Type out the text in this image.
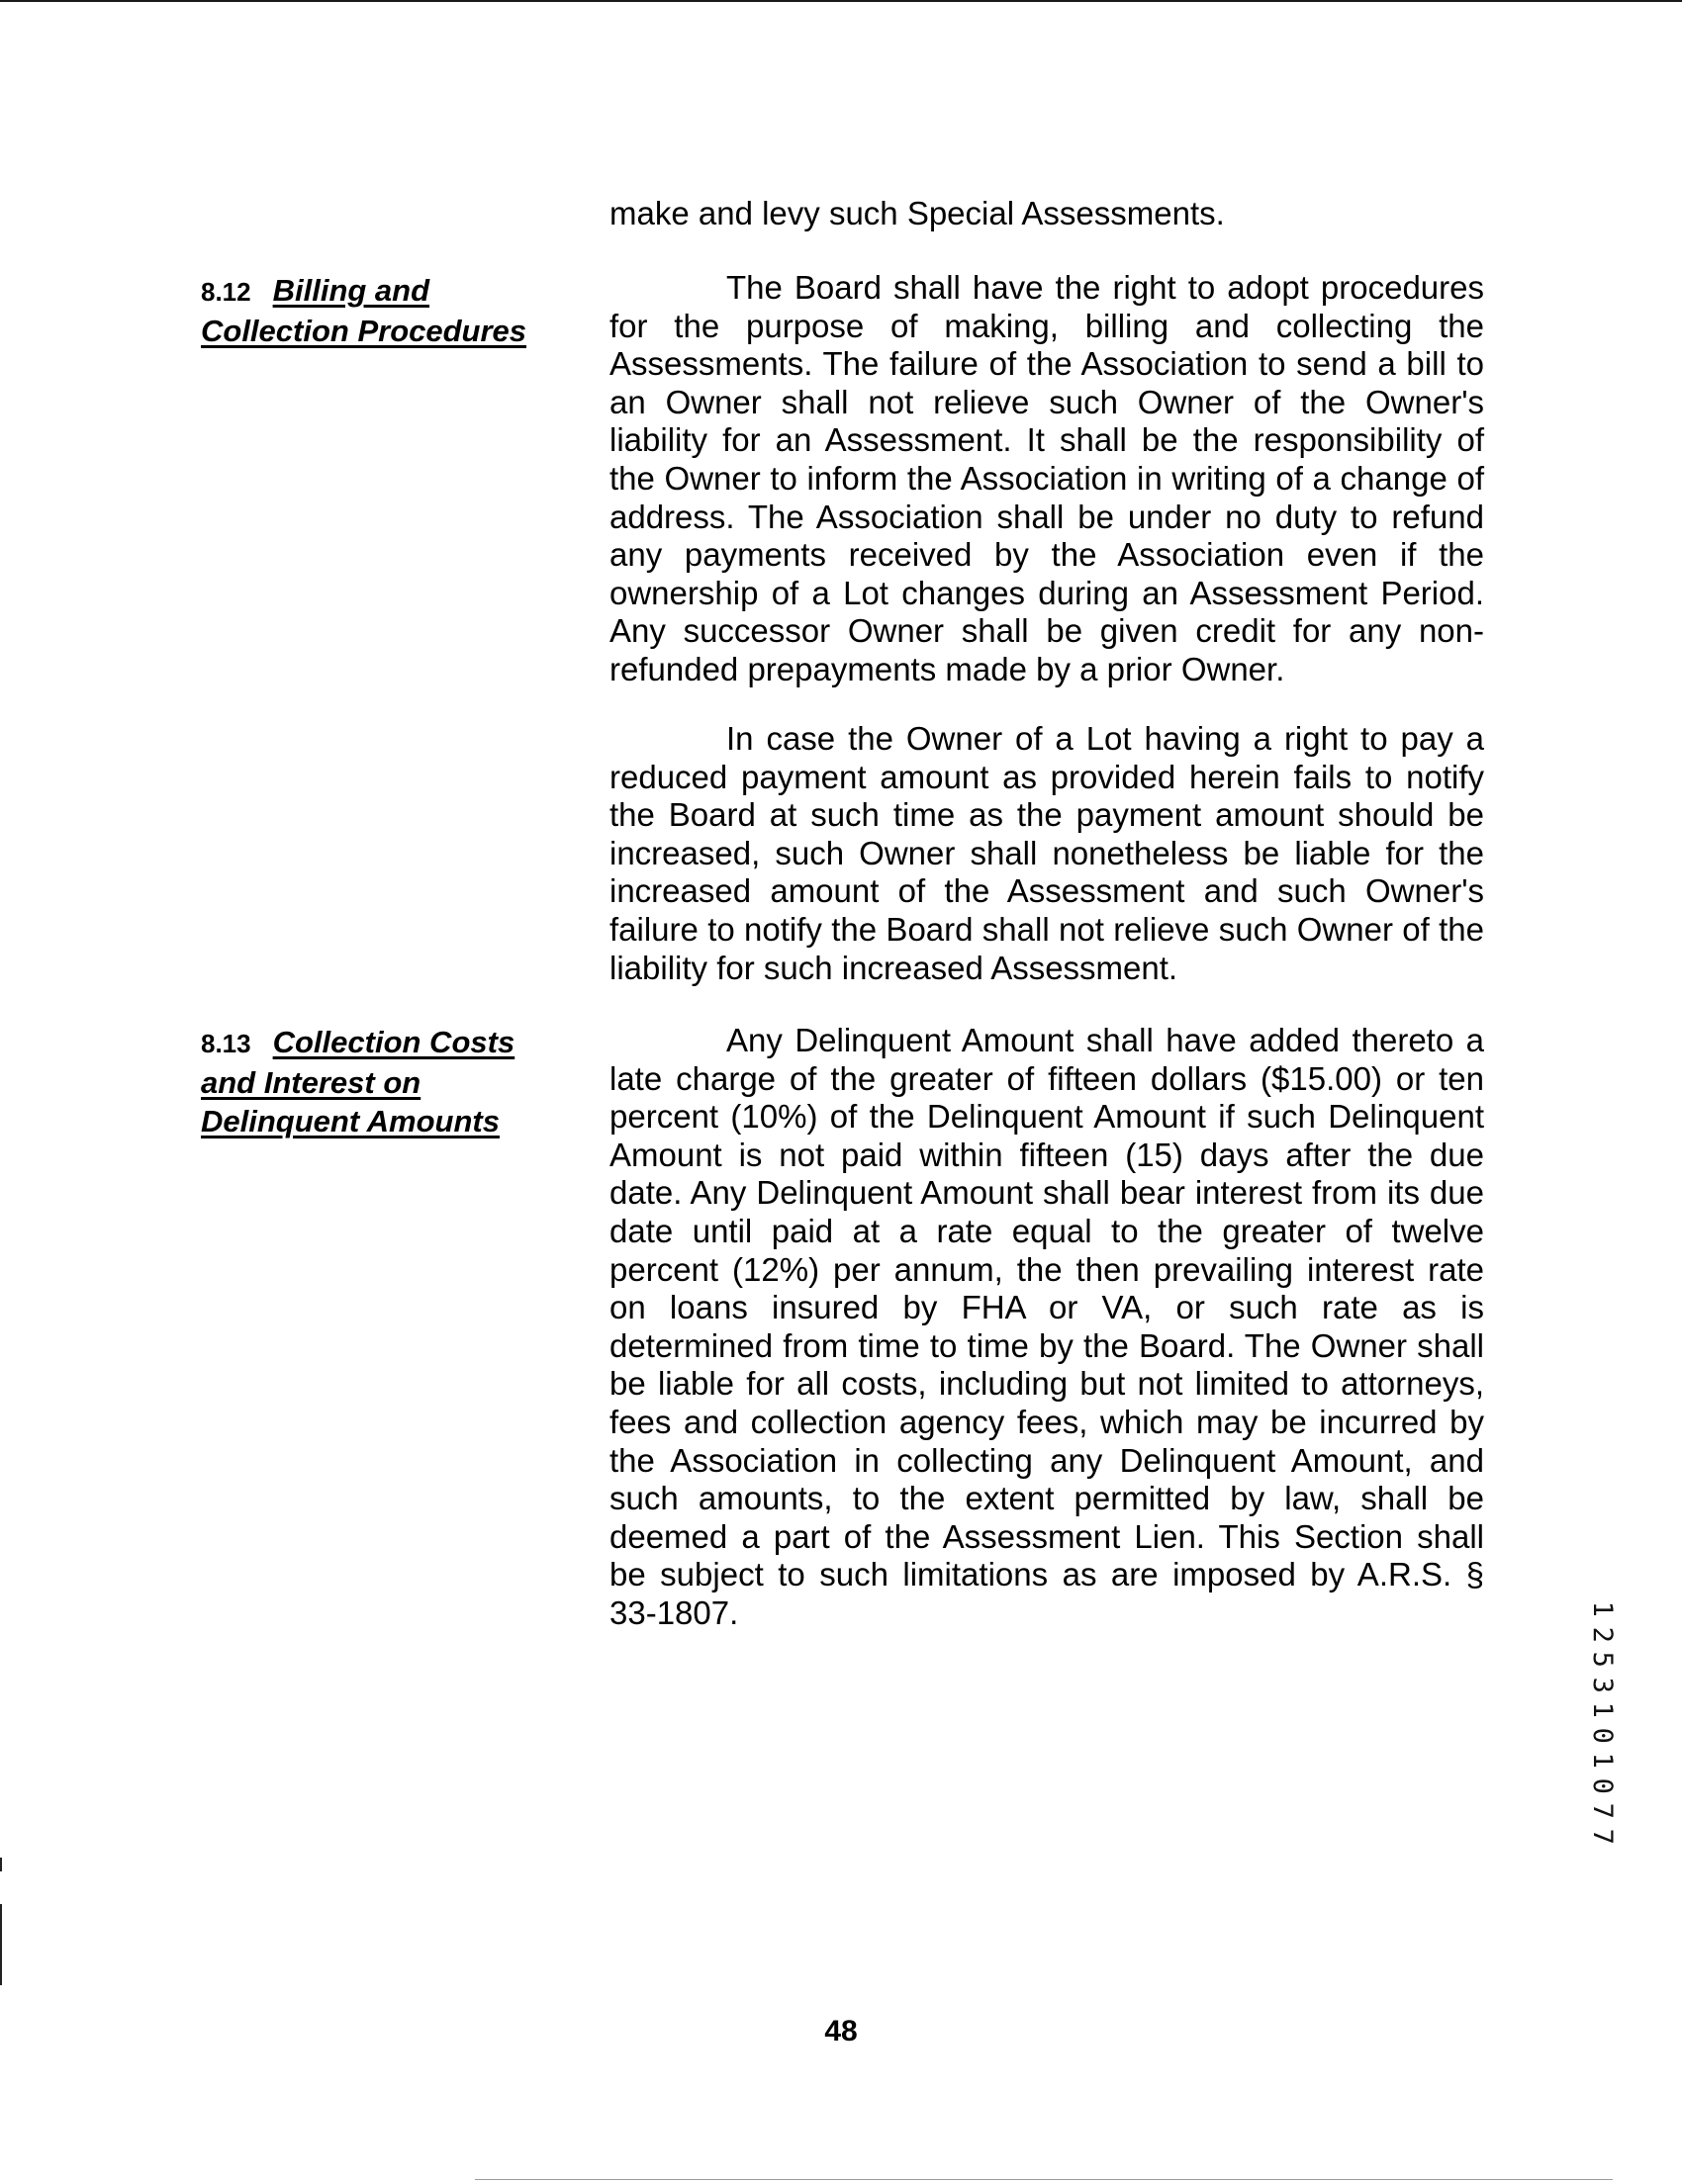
make and levy such Special Assessments.

8.12 Billing and
Collection Procedures

The Board shall have the right to adopt procedures for the purpose of making, billing and collecting the Assessments. The failure of the Association to send a bill to an Owner shall not relieve such Owner of the Owner's liability for an Assessment. It shall be the responsibility of the Owner to inform the Association in writing of a change of address. The Association shall be under no duty to refund any payments received by the Association even if the ownership of a Lot changes during an Assessment Period. Any successor Owner shall be given credit for any non-refunded prepayments made by a prior Owner.

In case the Owner of a Lot having a right to pay a reduced payment amount as provided herein fails to notify the Board at such time as the payment amount should be increased, such Owner shall nonetheless be liable for the increased amount of the Assessment and such Owner's failure to notify the Board shall not relieve such Owner of the liability for such increased Assessment.

8.13 Collection Costs
and Interest on
Delinquent Amounts

Any Delinquent Amount shall have added thereto a late charge of the greater of fifteen dollars ($15.00) or ten percent (10%) of the Delinquent Amount if such Delinquent Amount is not paid within fifteen (15) days after the due date. Any Delinquent Amount shall bear interest from its due date until paid at a rate equal to the greater of twelve percent (12%) per annum, the then prevailing interest rate on loans insured by FHA or VA, or such rate as is determined from time to time by the Board. The Owner shall be liable for all costs, including but not limited to attorneys, fees and collection agency fees, which may be incurred by the Association in collecting any Delinquent Amount, and such amounts, to the extent permitted by law, shall be deemed a part of the Assessment Lien. This Section shall be subject to such limitations as are imposed by A.R.S. § 33-1807.

48
1
2
5
3
1
0
1
0
7
7
